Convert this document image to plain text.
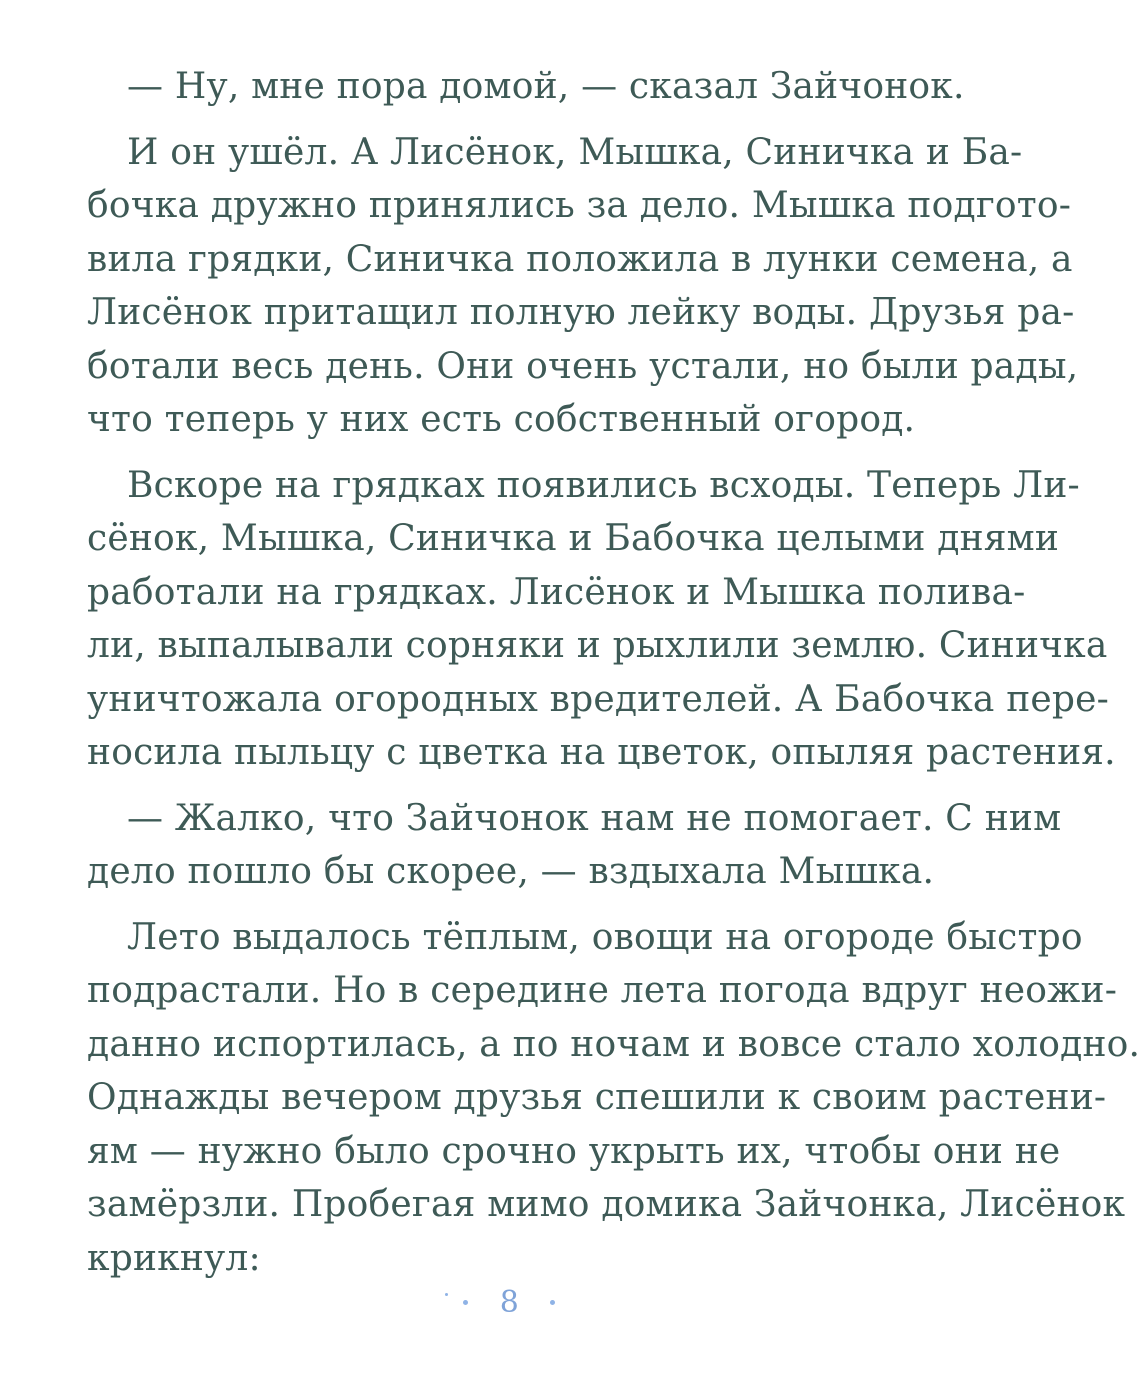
— Ну, мне пора домой, — сказал Зайчонок.
И он ушёл. А Лисёнок, Мышка, Синичка и Ба-
бочка дружно принялись за дело. Мышка подгото-
вила грядки, Синичка положила в лунки семена, а
Лисёнок притащил полную лейку воды. Друзья ра-
ботали весь день. Они очень устали, но были рады,
что теперь у них есть собственный огород.
Вскоре на грядках появились всходы. Теперь Ли-
сёнок, Мышка, Синичка и Бабочка целыми днями
работали на грядках. Лисёнок и Мышка полива-
ли, выпалывали сорняки и рыхлили землю. Синичка
уничтожала огородных вредителей. А Бабочка пере-
носила пыльцу с цветка на цветок, опыляя растения.
— Жалко, что Зайчонок нам не помогает. С ним
дело пошло бы скорее, — вздыхала Мышка.
Лето выдалось тёплым, овощи на огороде быстро
подрастали. Но в середине лета погода вдруг неожи-
данно испортилась, а по ночам и вовсе стало холодно.
Однажды вечером друзья спешили к своим растени-
ям — нужно было срочно укрыть их, чтобы они не
замёрзли. Пробегая мимо домика Зайчонка, Лисёнок
крикнул:
8
